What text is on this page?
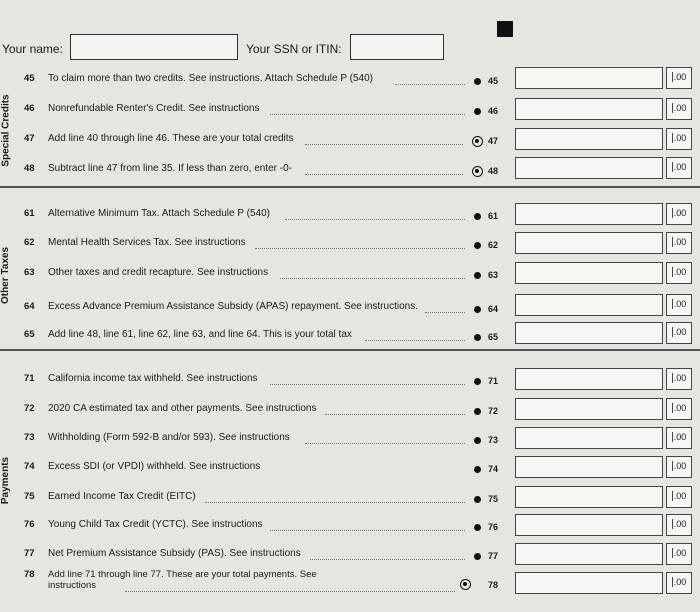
Your name:	Your SSN or ITIN:
Special Credits
45 To claim more than two credits. See instructions. Attach Schedule P (540)	45	.00
46 Nonrefundable Renter's Credit. See instructions	46	.00
47 Add line 40 through line 46. These are your total credits	47	.00
48 Subtract line 47 from line 35. If less than zero, enter -0-	48	.00
Other Taxes
61 Alternative Minimum Tax. Attach Schedule P (540)	61	.00
62 Mental Health Services Tax. See instructions	62	.00
63 Other taxes and credit recapture. See instructions	63	.00
64 Excess Advance Premium Assistance Subsidy (APAS) repayment. See instructions.	64	.00
65 Add line 48, line 61, line 62, line 63, and line 64. This is your total tax	65	.00
Payments
71 California income tax withheld. See instructions	71	.00
72 2020 CA estimated tax and other payments. See instructions	72	.00
73 Withholding (Form 592-B and/or 593). See instructions	73	.00
74 Excess SDI (or VPDI) withheld. See instructions	74	.00
75 Earned Income Tax Credit (EITC)	75	.00
76 Young Child Tax Credit (YCTC). See instructions	76	.00
77 Net Premium Assistance Subsidy (PAS). See instructions	77	.00
78 Add line 71 through line 77. These are your total payments. See instructions	78	.00
